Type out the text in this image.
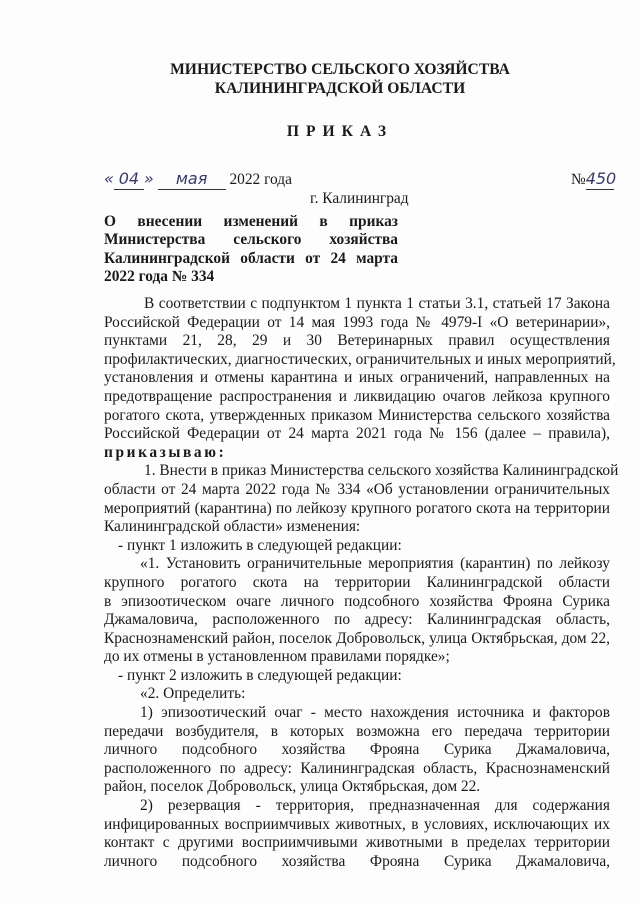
МИНИСТЕРСТВО СЕЛЬСКОГО ХОЗЯЙСТВА
КАЛИНИНГРАДСКОЙ ОБЛАСТИ
ПРИКАЗ
« 04 » мая 2022 года	№450
г. Калининград
О внесении изменений в приказ
Министерства сельского хозяйства
Калининградской области от 24 марта
2022 года № 334
В соответствии с подпунктом 1 пункта 1 статьи 3.1, статьей 17 Закона
Российской Федерации от 14 мая 1993 года № 4979-I «О ветеринарии»,
пунктами 21, 28, 29 и 30 Ветеринарных правил осуществления
профилактических, диагностических, ограничительных и иных мероприятий,
установления и отмены карантина и иных ограничений, направленных на
предотвращение распространения и ликвидацию очагов лейкоза крупного
рогатого скота, утвержденных приказом Министерства сельского хозяйства
Российской Федерации от 24 марта 2021 года № 156 (далее – правила),
приказываю:
1. Внести в приказ Министерства сельского хозяйства Калининградской
области от 24 марта 2022 года № 334 «Об установлении ограничительных
мероприятий (карантина) по лейкозу крупного рогатого скота на территории
Калининградской области» изменения:
- пункт 1 изложить в следующей редакции:
«1. Установить ограничительные мероприятия (карантин) по лейкозу
крупного рогатого скота на территории Калининградской области
в эпизоотическом очаге личного подсобного хозяйства Фрояна Сурика
Джамаловича, расположенного по адресу: Калининградская область,
Краснознаменский район, поселок Добровольск, улица Октябрьская, дом 22,
до их отмены в установленном правилами порядке»;
- пункт 2 изложить в следующей редакции:
«2. Определить:
1) эпизоотический очаг - место нахождения источника и факторов
передачи возбудителя, в которых возможна его передача территории
личного подсобного хозяйства Фрояна Сурика Джамаловича,
расположенного по адресу: Калининградская область, Краснознаменский
район, поселок Добровольск, улица Октябрьская, дом 22.
2) резервация - территория, предназначенная для содержания
инфицированных восприимчивых животных, в условиях, исключающих их
контакт с другими восприимчивыми животными в пределах территории
личного подсобного хозяйства Фрояна Сурика Джамаловича,
